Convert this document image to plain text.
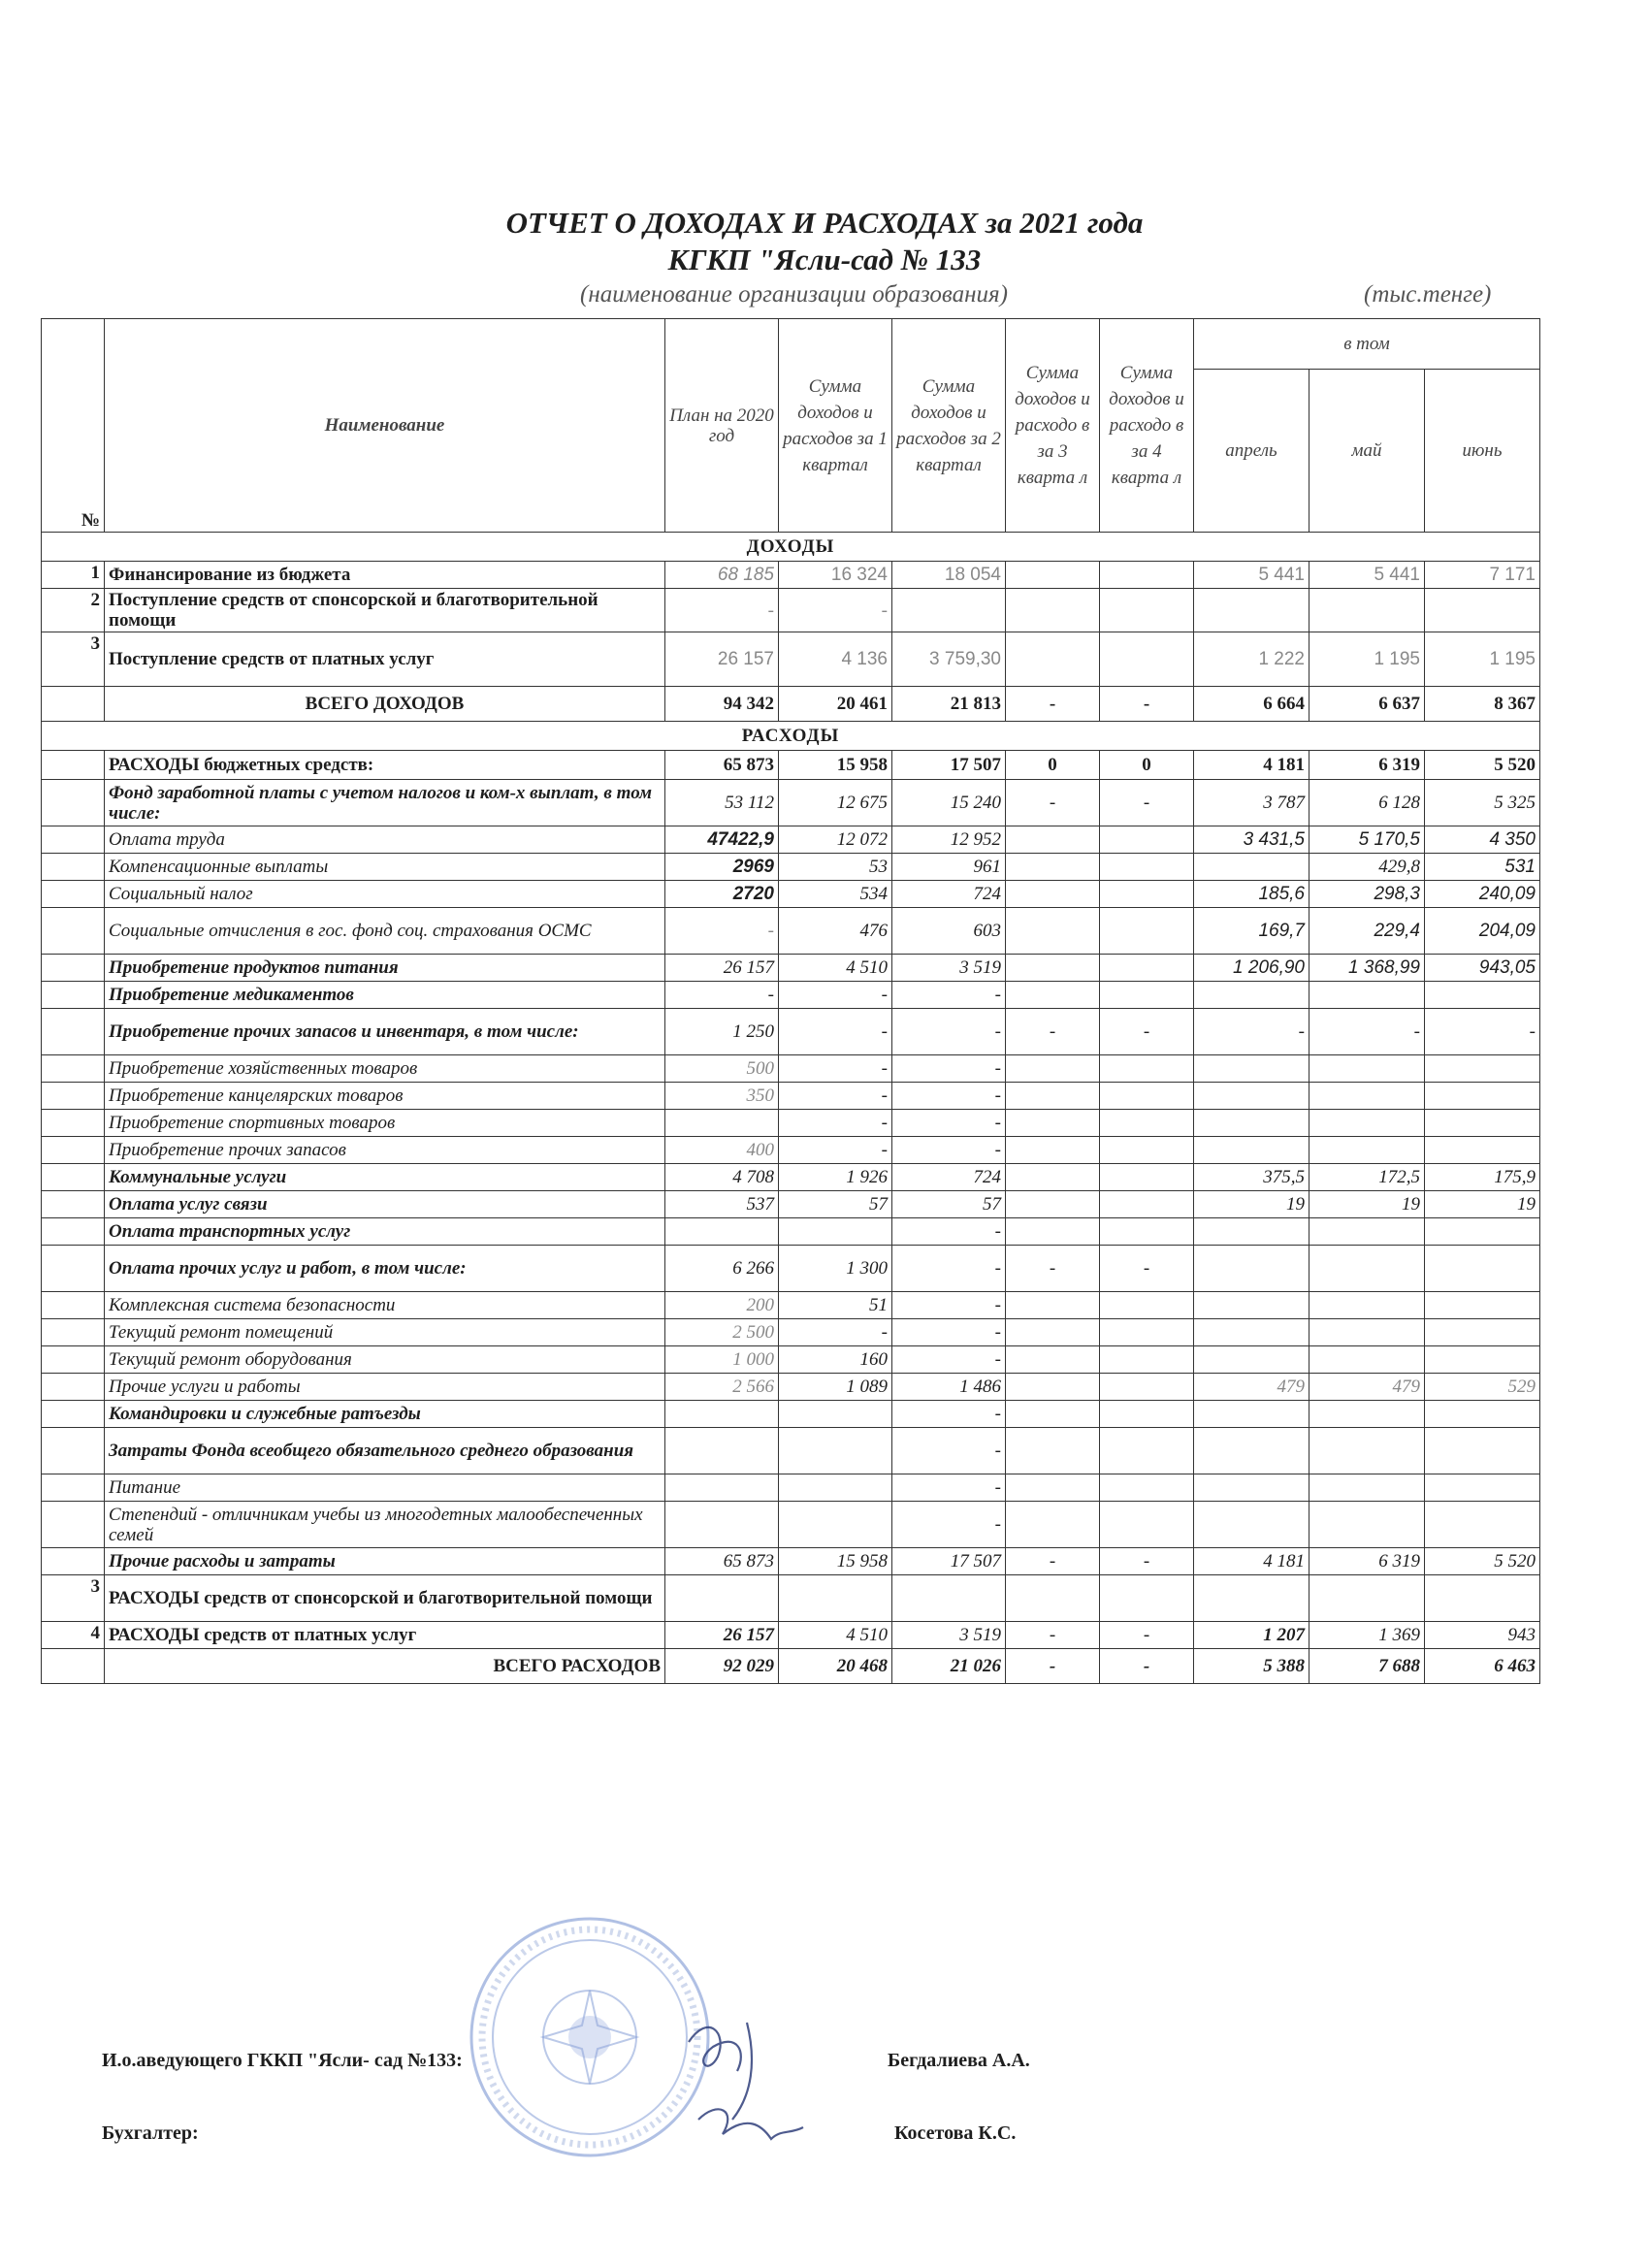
ОТЧЕТ О ДОХОДАХ И РАСХОДАХ за 2021 года
КГКП "Ясли-сад № 133
(наименование организации образования)	(тыс.тенге)
№	Наименование	План на 2020 год	Сумма доходов и расходов за 1 квартал	Сумма доходов и расходов за 2 квартал	Сумма доходов и расходо в за 3 кварта л	Сумма доходов и расходо в за 4 кварта л	в том		
							апрель	май	июнь
ДОХОДЫ									
1	Финансирование из бюджета	68 185	16 324	18 054			5 441	5 441	7 171
2	Поступление средств от спонсорской и благотворительной помощи	-	-						
3	Поступление средств от платных услуг	26 157	4 136	3 759,30			1 222	1 195	1 195
	ВСЕГО ДОХОДОВ	94 342	20 461	21 813	-	-	6 664	6 637	8 367
РАСХОДЫ									
	РАСХОДЫ бюджетных средств:	65 873	15 958	17 507	0	0	4 181	6 319	5 520
	Фонд заработной платы с учетом налогов и ком-х выплат, в том числе:	53 112	12 675	15 240	-	-	3 787	6 128	5 325
	Оплата труда	47422,9	12 072	12 952			3 431,5	5 170,5	4 350
	Компенсационные выплаты	2969	53	961				429,8	531
	Социальный налог	2720	534	724			185,6	298,3	240,09
	Социальные отчисления в гос. фонд соц. страхования ОСМС	-	476	603			169,7	229,4	204,09
	Приобретение продуктов питания	26 157	4 510	3 519			1 206,90	1 368,99	943,05
	Приобретение медикаментов	-	-	-					
	Приобретение прочих запасов и инвентаря, в том числе:	1 250	-	-	-	-	-	-	-
	Приобретение хозяйственных товаров	500	-	-					
	Приобретение канцелярских товаров	350	-	-					
	Приобретение спортивных товаров		-	-					
	Приобретение прочих запасов	400	-	-					
	Коммунальные услуги	4 708	1 926	724			375,5	172,5	175,9
	Оплата услуг связи	537	57	57			19	19	19
	Оплата транспортных услуг			-					
	Оплата прочих услуг и работ, в том числе:	6 266	1 300	-	-	-			
	Комплексная система безопасности	200	51	-					
	Текущий ремонт помещений	2 500	-	-					
	Текущий ремонт оборудования	1 000	160	-					
	Прочие услуги и работы	2 566	1 089	1 486			479	479	529
	Командировки и служебные ратъезды			-					
	Затраты Фонда всеобщего обязательного среднего образования			-					
	Питание			-					
	Степендий - отличникам учебы из многодетных малообеспеченных семей			-					
	Прочие расходы и затраты	65 873	15 958	17 507	-	-	4 181	6 319	5 520
3	РАСХОДЫ средств от спонсорской и благотворительной помощи								
4	РАСХОДЫ средств от платных услуг	26 157	4 510	3 519	-	-	1 207	1 369	943
	ВСЕГО РАСХОДОВ	92 029	20 468	21 026	-	-	5 388	7 688	6 463
И.о.аведующего ГККП "Ясли- сад №133:	Бегдалиева А.А.
Бухгалтер:	Косетова К.С.
